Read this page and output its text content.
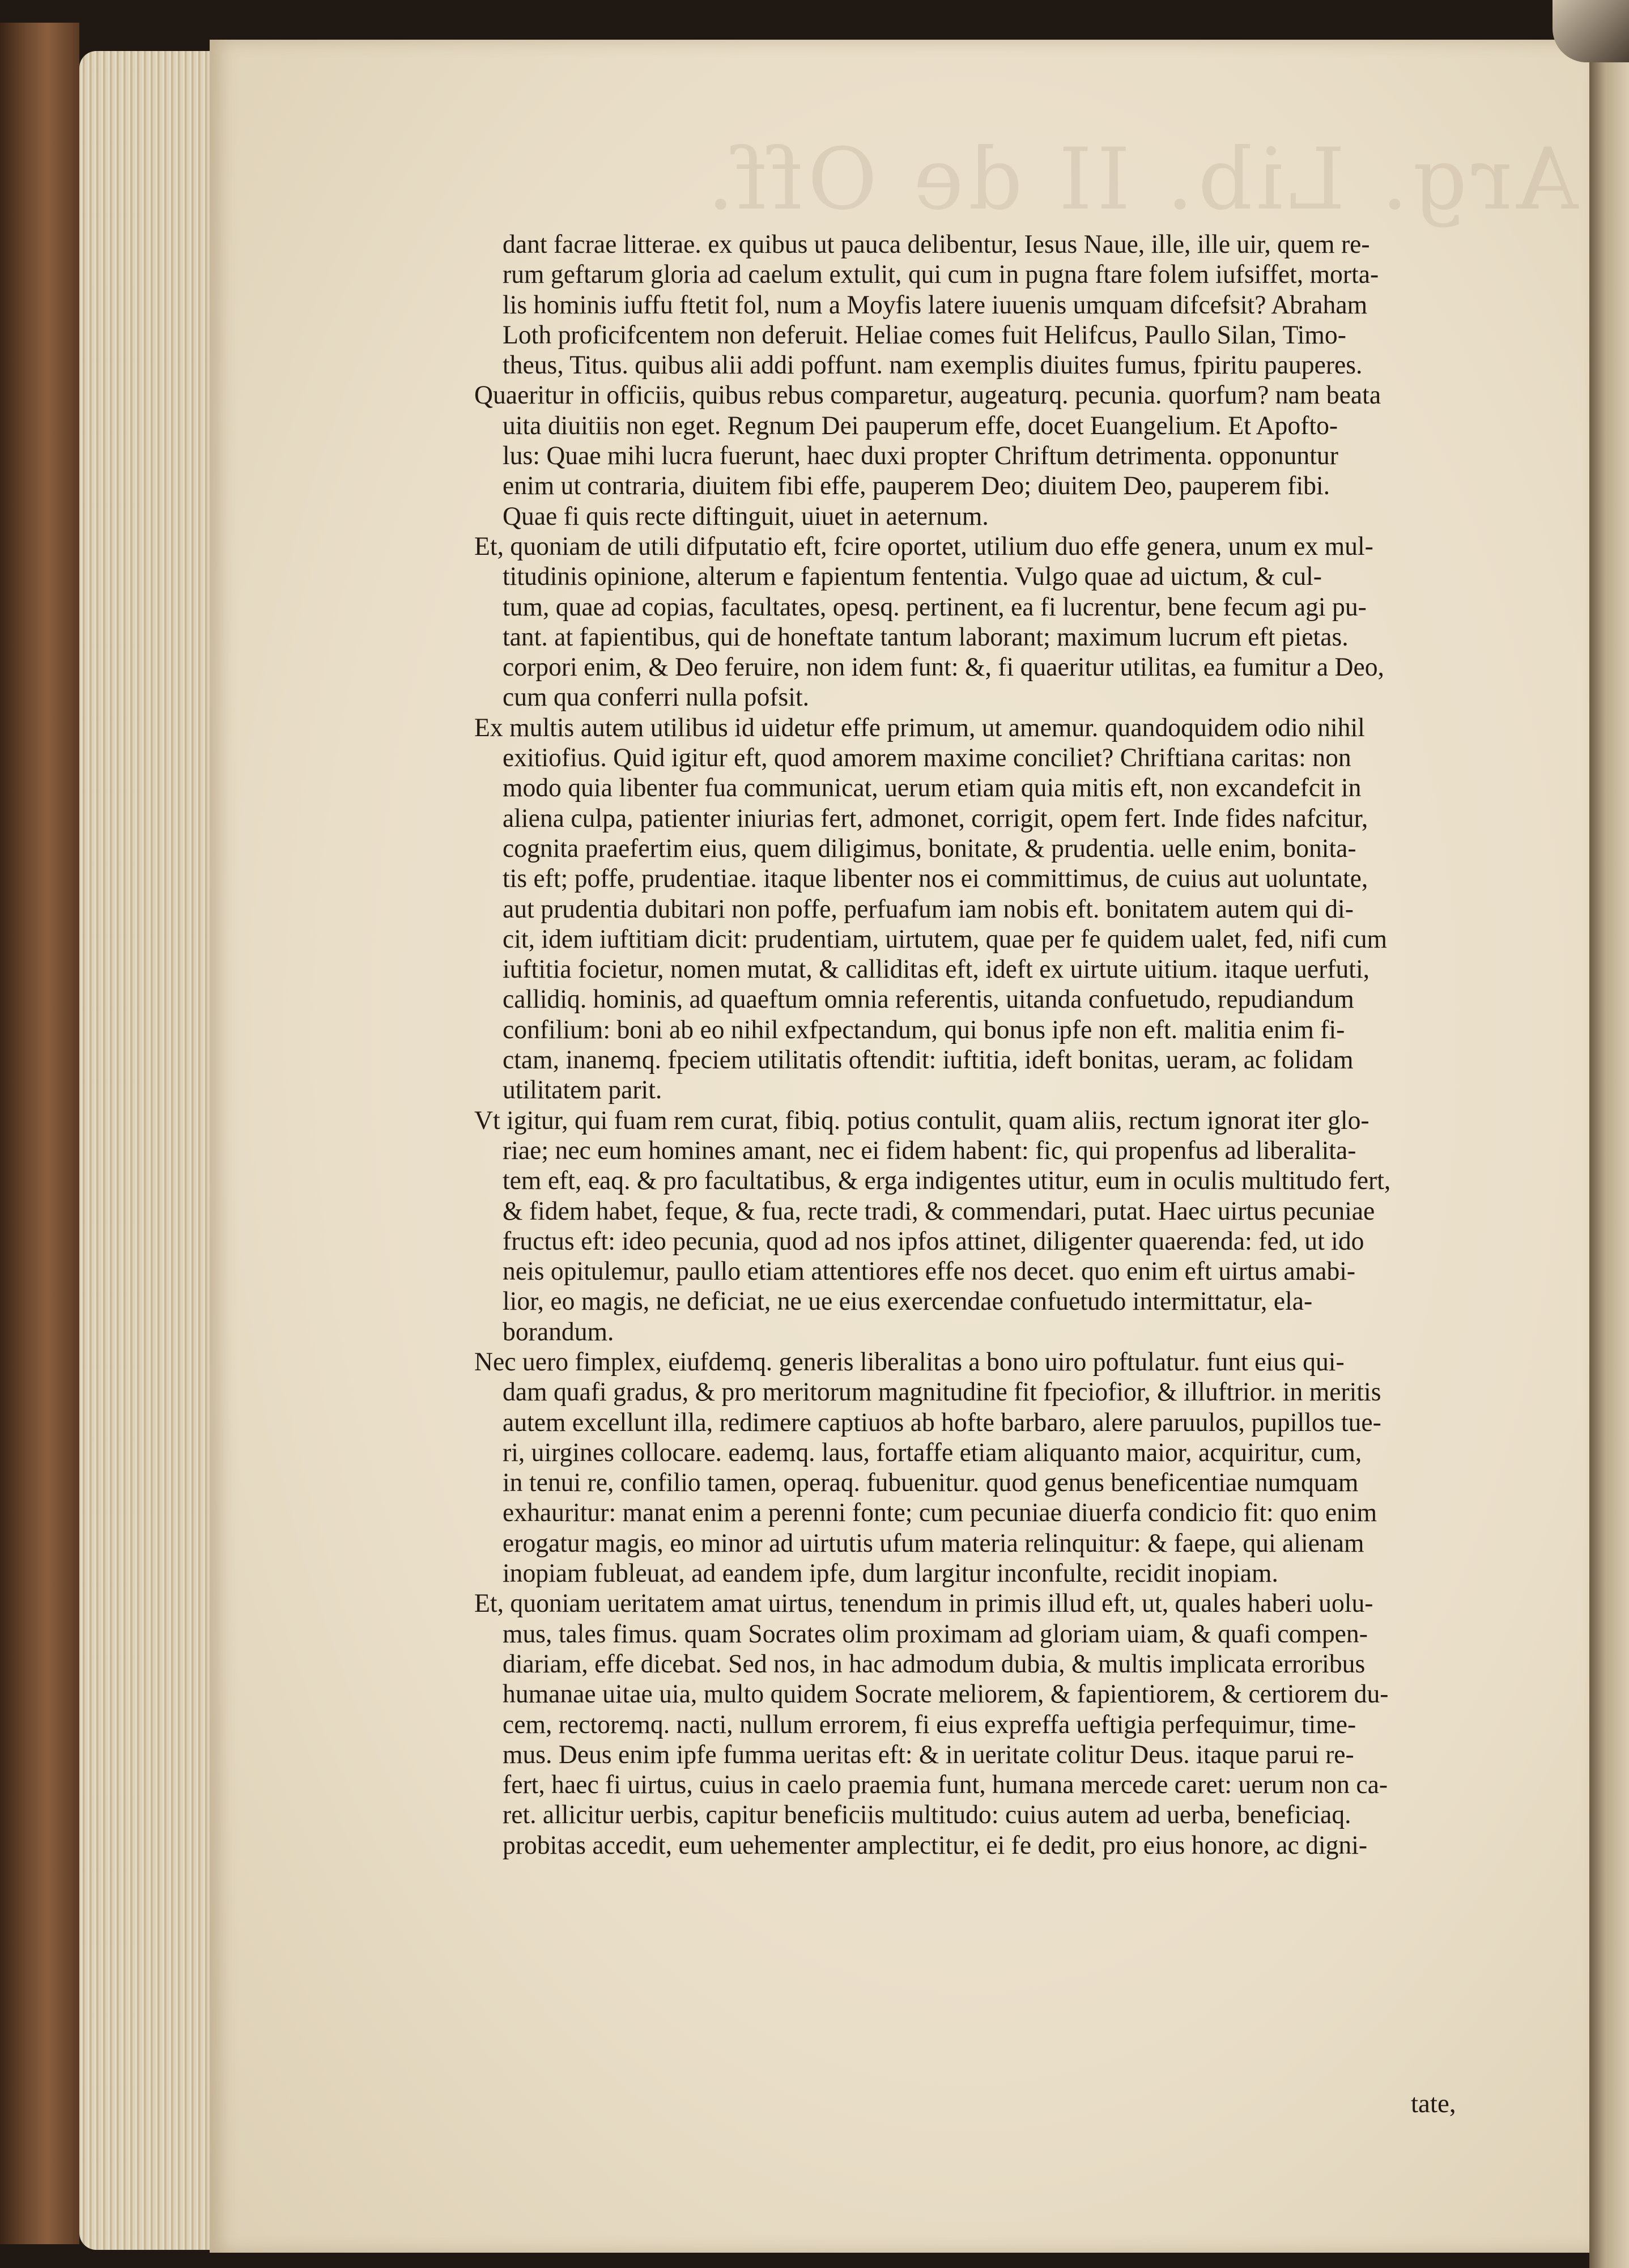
Arg. Lib. II de Off.
dant facrae litterae. ex quibus ut pauca delibentur, Iesus Naue, ille, ille uir, quem re-
rum geftarum gloria ad caelum extulit, qui cum in pugna ftare folem iufsiffet, morta-
lis hominis iuffu ftetit fol, num a Moyfis latere iuuenis umquam difcefsit? Abraham
Loth proficifcentem non deferuit. Heliae comes fuit Helifcus, Paullo Silan, Timo-
theus, Titus. quibus alii addi poffunt. nam exemplis diuites fumus, fpiritu pauperes.
Quaeritur in officiis, quibus rebus comparetur, augeaturq. pecunia. quorfum? nam beata
uita diuitiis non eget. Regnum Dei pauperum effe, docet Euangelium. Et Apofto-
lus: Quae mihi lucra fuerunt, haec duxi propter Chriftum detrimenta. opponuntur
enim ut contraria, diuitem fibi effe, pauperem Deo; diuitem Deo, pauperem fibi.
Quae fi quis recte diftinguit, uiuet in aeternum.
Et, quoniam de utili difputatio eft, fcire oportet, utilium duo effe genera, unum ex mul-
titudinis opinione, alterum e fapientum fententia. Vulgo quae ad uictum, & cul-
tum, quae ad copias, facultates, opesq. pertinent, ea fi lucrentur, bene fecum agi pu-
tant. at fapientibus, qui de honeftate tantum laborant; maximum lucrum eft pietas.
corpori enim, & Deo feruire, non idem funt: &, fi quaeritur utilitas, ea fumitur a Deo,
cum qua conferri nulla pofsit.
Ex multis autem utilibus id uidetur effe primum, ut amemur. quandoquidem odio nihil
exitiofius. Quid igitur eft, quod amorem maxime conciliet? Chriftiana caritas: non
modo quia libenter fua communicat, uerum etiam quia mitis eft, non excandefcit in
aliena culpa, patienter iniurias fert, admonet, corrigit, opem fert. Inde fides nafcitur,
cognita praefertim eius, quem diligimus, bonitate, & prudentia. uelle enim, bonita-
tis eft; poffe, prudentiae. itaque libenter nos ei committimus, de cuius aut uoluntate,
aut prudentia dubitari non poffe, perfuafum iam nobis eft. bonitatem autem qui di-
cit, idem iuftitiam dicit: prudentiam, uirtutem, quae per fe quidem ualet, fed, nifi cum
iuftitia focietur, nomen mutat, & calliditas eft, ideft ex uirtute uitium. itaque uerfuti,
callidiq. hominis, ad quaeftum omnia referentis, uitanda confuetudo, repudiandum
confilium: boni ab eo nihil exfpectandum, qui bonus ipfe non eft. malitia enim fi-
ctam, inanemq. fpeciem utilitatis oftendit: iuftitia, ideft bonitas, ueram, ac folidam
utilitatem parit.
Vt igitur, qui fuam rem curat, fibiq. potius contulit, quam aliis, rectum ignorat iter glo-
riae; nec eum homines amant, nec ei fidem habent: fic, qui propenfus ad liberalita-
tem eft, eaq. & pro facultatibus, & erga indigentes utitur, eum in oculis multitudo fert,
& fidem habet, feque, & fua, recte tradi, & commendari, putat. Haec uirtus pecuniae
fructus eft: ideo pecunia, quod ad nos ipfos attinet, diligenter quaerenda: fed, ut ido
neis opitulemur, paullo etiam attentiores effe nos decet. quo enim eft uirtus amabi-
lior, eo magis, ne deficiat, ne ue eius exercendae confuetudo intermittatur, ela-
borandum.
Nec uero fimplex, eiufdemq. generis liberalitas a bono uiro poftulatur. funt eius qui-
dam quafi gradus, & pro meritorum magnitudine fit fpeciofior, & illuftrior. in meritis
autem excellunt illa, redimere captiuos ab hofte barbaro, alere paruulos, pupillos tue-
ri, uirgines collocare. eademq. laus, fortaffe etiam aliquanto maior, acquiritur, cum,
in tenui re, confilio tamen, operaq. fubuenitur. quod genus beneficentiae numquam
exhauritur: manat enim a perenni fonte; cum pecuniae diuerfa condicio fit: quo enim
erogatur magis, eo minor ad uirtutis ufum materia relinquitur: & faepe, qui alienam
inopiam fubleuat, ad eandem ipfe, dum largitur inconfulte, recidit inopiam.
Et, quoniam ueritatem amat uirtus, tenendum in primis illud eft, ut, quales haberi uolu-
mus, tales fimus. quam Socrates olim proximam ad gloriam uiam, & quafi compen-
diariam, effe dicebat. Sed nos, in hac admodum dubia, & multis implicata erroribus
humanae uitae uia, multo quidem Socrate meliorem, & fapientiorem, & certiorem du-
cem, rectoremq. nacti, nullum errorem, fi eius expreffa ueftigia perfequimur, time-
mus. Deus enim ipfe fumma ueritas eft: & in ueritate colitur Deus. itaque parui re-
fert, haec fi uirtus, cuius in caelo praemia funt, humana mercede caret: uerum non ca-
ret. allicitur uerbis, capitur beneficiis multitudo: cuius autem ad uerba, beneficiaq.
probitas accedit, eum uehementer amplectitur, ei fe dedit, pro eius honore, ac digni-
tate,
